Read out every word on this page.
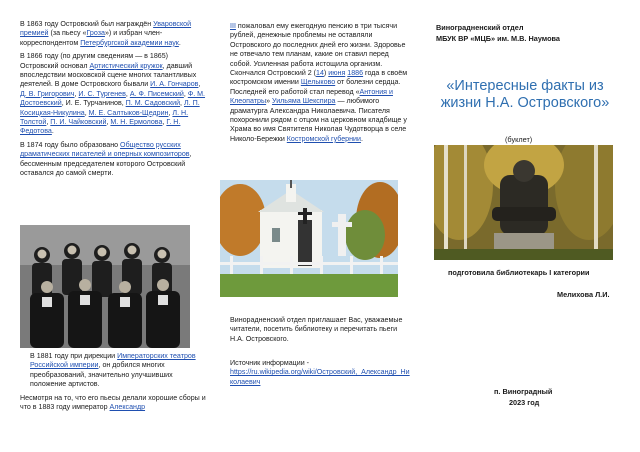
В 1863 году Островский был награждён Уваровской премией (за пьесу «Гроза») и избран член-корреспондентом Петербургской академии наук.

В 1866 году (по другим сведениям — в 1865) Островский основал Артистический кружок, давший впоследствии московской сцене многих талантливых деятелей. В доме Островского бывали И. А. Гончаров, Д. В. Григорович, И. С. Тургенев, А. Ф. Писемский, Ф. М. Достоевский, И. Е. Турчанинов, П. М. Садовский, Л. П. Косицкая-Никулина, М. Е. Салтыков-Щедрин, Л. Н. Толстой, П. И. Чайковский, М. Н. Ермолова, Г. Н. Федотова.

В 1874 году было образовано Общество русских драматических писателей и оперных композиторов, бессменным председателем которого Островский оставался до самой смерти.

В 1881 году при дирекции Императорских театров Российской империи, он добился многих преобразований, значительно улучшивших положение артистов.

Несмотря на то, что его пьесы делали хорошие сборы и что в 1883 году император Александр

III пожаловал ему ежегодную пенсию в три тысячи рублей, денежные проблемы не оставляли Островского до последних дней его жизни. Здоровье не отвечало тем планам, какие он ставил перед собой. Усиленная работа истощила организм. Скончался Островский 2 (14) июня 1886 года в своём костромском имении Щелыково от болезни сердца. Последней его работой стал перевод «Антония и Клеопатры» Уильяма Шекспира — любимого драматурга Александра Николаевича. Писателя похоронили рядом с отцом на церковном кладбище у Храма во имя Святителя Николая Чудотворца в селе Николо-Бережки Костромской губернии.

Винорадненский отдел приглашает Вас, уважаемые читатели, посетить библиотеку и перечитать пьеги Н.А. Островского.

Источник информации -

https://ru.wikipedia.org/wiki/Островский,_Александр_Николаевич
Виноградненский отдел
МБУК ВР «МЦБ» им. М.В. Наумова
«Интересные факты из жизни Н.А. Островского»
(буклет)
подготовила библиотекарь I категории
Мелихова Л.И.
п. Виноградный
2023 год
